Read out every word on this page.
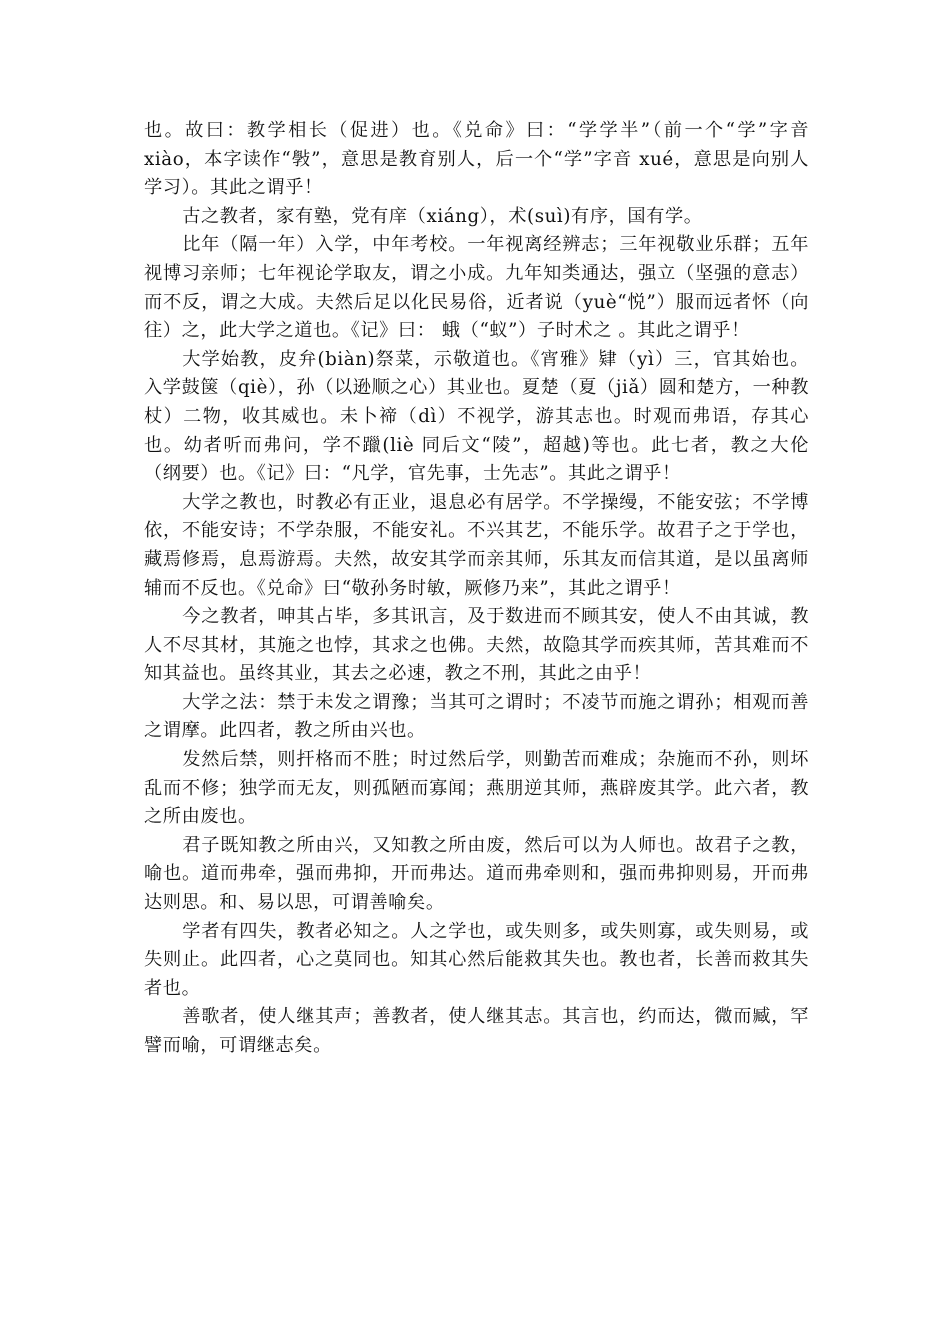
也。故曰：教学相长（促进）也。《兑命》曰：“学学半”（前一个“学”字音 xiào，本字读作“斅”，意思是教育别人，后一个“学”字音 xué，意思是向别人学习）。其此之谓乎！

古之教者，家有塾，党有庠（xiáng），术(suì)有序，国有学。

比年（隔一年）入学，中年考校。一年视离经辨志；三年视敬业乐群；五年视博习亲师；七年视论学取友，谓之小成。九年知类通达，强立（坚强的意志）而不反，谓之大成。夫然后足以化民易俗，近者说（yuè“悦”）服而远者怀（向往）之，此大学之道也。《记》曰： 蛾（“蚁”）子时术之 。其此之谓乎！

大学始教，皮弁(biàn)祭菜，示敬道也。《宵雅》肄（yì）三，官其始也。入学鼓箧（qiè），孙（以逊顺之心）其业也。夏楚（夏（jiǎ）圆和楚方，一种教杖）二物，收其威也。未卜禘（dì）不视学，游其志也。时观而弗语，存其心也。幼者听而弗问，学不躐(liè 同后文“陵”，超越)等也。此七者，教之大伦（纲要）也。《记》曰：“凡学，官先事，士先志”。其此之谓乎！

大学之教也，时教必有正业，退息必有居学。不学操缦，不能安弦；不学博依，不能安诗；不学杂服，不能安礼。不兴其艺，不能乐学。故君子之于学也，藏焉修焉，息焉游焉。夫然，故安其学而亲其师，乐其友而信其道，是以虽离师辅而不反也。《兑命》曰“敬孙务时敏，厥修乃来”，其此之谓乎！

今之教者，呻其占毕，多其讯言，及于数进而不顾其安，使人不由其诚，教人不尽其材，其施之也悖，其求之也佛。夫然，故隐其学而疾其师，苦其难而不知其益也。虽终其业，其去之必速，教之不刑，其此之由乎！

大学之法：禁于未发之谓豫；当其可之谓时；不凌节而施之谓孙；相观而善之谓摩。此四者，教之所由兴也。

发然后禁，则扞格而不胜；时过然后学，则勤苦而难成；杂施而不孙，则坏乱而不修；独学而无友，则孤陋而寡闻；燕朋逆其师，燕辟废其学。此六者，教之所由废也。

君子既知教之所由兴，又知教之所由废，然后可以为人师也。故君子之教，喻也。道而弗牵，强而弗抑，开而弗达。道而弗牵则和，强而弗抑则易，开而弗达则思。和、易以思，可谓善喻矣。

学者有四失，教者必知之。人之学也，或失则多，或失则寡，或失则易，或失则止。此四者，心之莫同也。知其心然后能救其失也。教也者，长善而救其失者也。

善歌者，使人继其声；善教者，使人继其志。其言也，约而达，微而臧，罕譬而喻，可谓继志矣。
